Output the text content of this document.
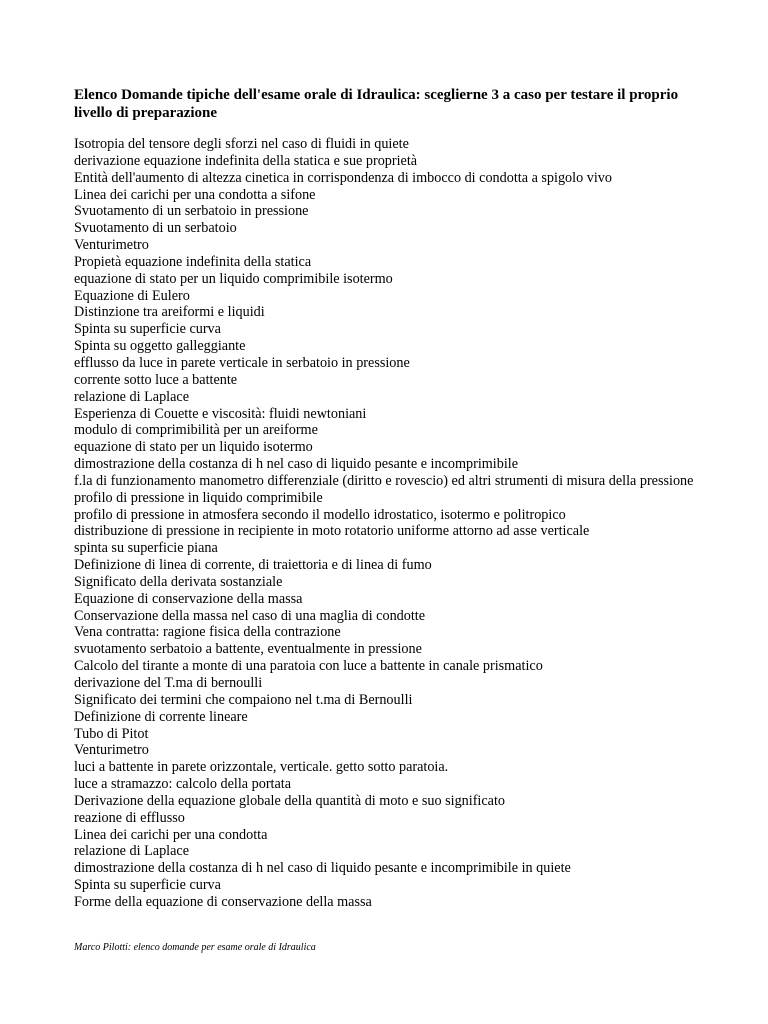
Elenco Domande tipiche dell'esame orale di Idraulica: sceglierne 3 a caso per testare il proprio livello di preparazione
Isotropia del tensore degli sforzi nel caso di fluidi in quiete
derivazione equazione indefinita della statica e sue proprietà
Entità dell'aumento di altezza cinetica in corrispondenza di imbocco di condotta a spigolo vivo
Linea dei carichi per una condotta a sifone
Svuotamento di un serbatoio in pressione
Svuotamento di un serbatoio
Venturimetro
Propietà equazione indefinita della statica
equazione di stato per un liquido comprimibile isotermo
Equazione di Eulero
Distinzione tra areiformi e liquidi
Spinta su superficie curva
Spinta su oggetto galleggiante
efflusso da luce in parete verticale in serbatoio in pressione
corrente sotto luce a battente
relazione di Laplace
Esperienza di Couette e viscosità: fluidi newtoniani
modulo di comprimibilità per un areiforme
equazione di stato per un liquido isotermo
dimostrazione della costanza di h nel caso di liquido pesante e incomprimibile
f.la di funzionamento manometro differenziale (diritto e rovescio) ed altri strumenti di misura della pressione
profilo di pressione in liquido comprimibile
profilo di pressione in atmosfera secondo il modello idrostatico, isotermo e politropico
distribuzione di pressione in recipiente in moto rotatorio uniforme attorno ad asse verticale
spinta su superficie piana
Definizione di linea di corrente, di traiettoria e di linea di fumo
Significato della derivata sostanziale
Equazione di conservazione della massa
Conservazione della massa nel caso di una maglia di condotte
Vena contratta: ragione fisica della contrazione
svuotamento serbatoio a battente, eventualmente in pressione
Calcolo del tirante a monte di una paratoia con luce a battente in canale prismatico
derivazione del T.ma di bernoulli
Significato dei termini che compaiono nel t.ma di Bernoulli
Definizione di corrente lineare
Tubo di Pitot
Venturimetro
luci a battente in parete orizzontale, verticale. getto sotto paratoia.
luce a stramazzo: calcolo della portata
Derivazione della equazione globale della quantità di moto e suo significato
reazione di efflusso
Linea dei carichi per una condotta
relazione di Laplace
dimostrazione della costanza di h nel caso di liquido pesante e incomprimibile in quiete
Spinta su superficie curva
Forme della equazione di conservazione della massa

Marco Pilotti: elenco domande per esame orale di Idraulica
